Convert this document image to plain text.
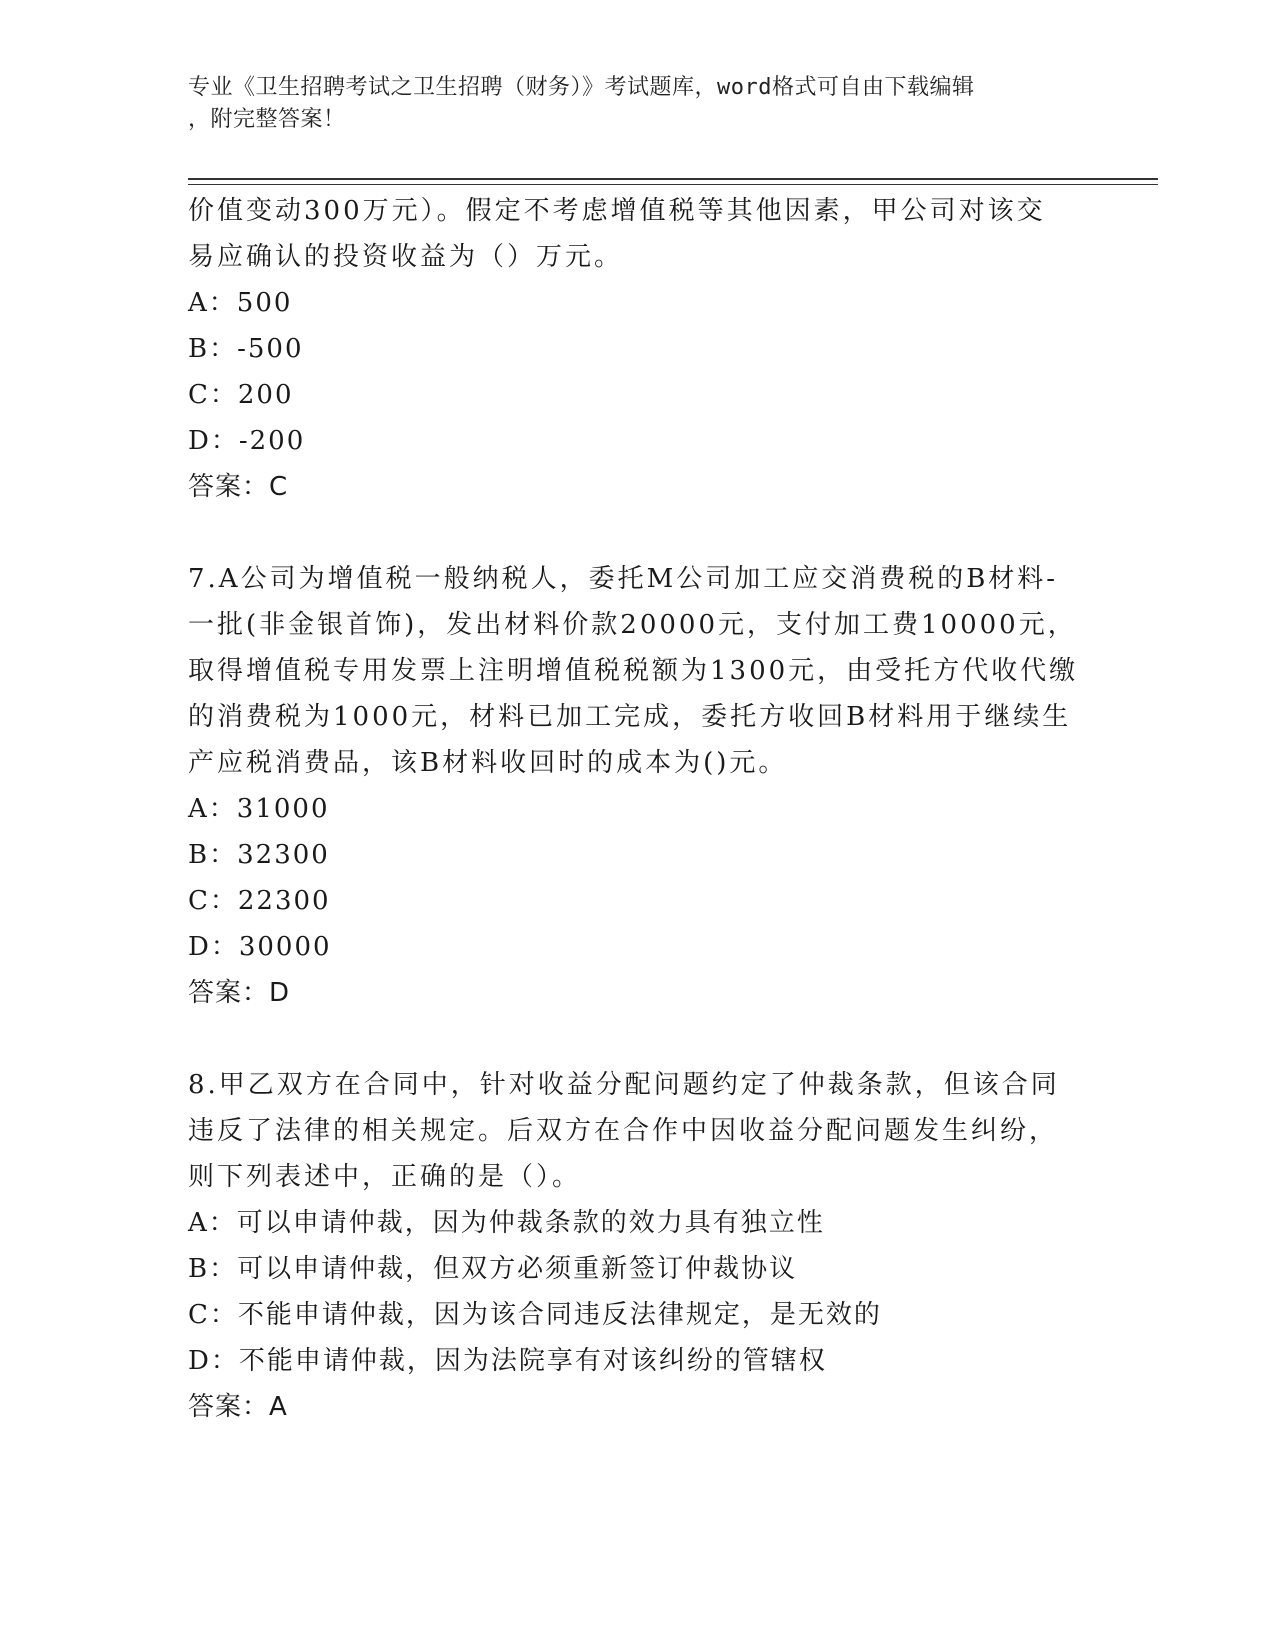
专业《卫生招聘考试之卫生招聘（财务）》考试题库，word格式可自由下载编辑
，附完整答案！

价值变动300万元）。假定不考虑增值税等其他因素，甲公司对该交
易应确认的投资收益为（）万元。

A：500

B：-500

C：200

D：-200

答案：C

7.A公司为增值税一般纳税人，委托M公司加工应交消费税的B材料-
一批(非金银首饰)，发出材料价款20000元，支付加工费10000元，
取得增值税专用发票上注明增值税税额为1300元，由受托方代收代缴
的消费税为1000元，材料已加工完成，委托方收回B材料用于继续生
产应税消费品，该B材料收回时的成本为()元。

A：31000

B：32300

C：22300

D：30000

答案：D

8.甲乙双方在合同中，针对收益分配问题约定了仲裁条款，但该合同
违反了法律的相关规定。后双方在合作中因收益分配问题发生纠纷，
则下列表述中，正确的是（）。

A：可以申请仲裁，因为仲裁条款的效力具有独立性

B：可以申请仲裁，但双方必须重新签订仲裁协议

C：不能申请仲裁，因为该合同违反法律规定，是无效的

D：不能申请仲裁，因为法院享有对该纠纷的管辖权

答案：A
